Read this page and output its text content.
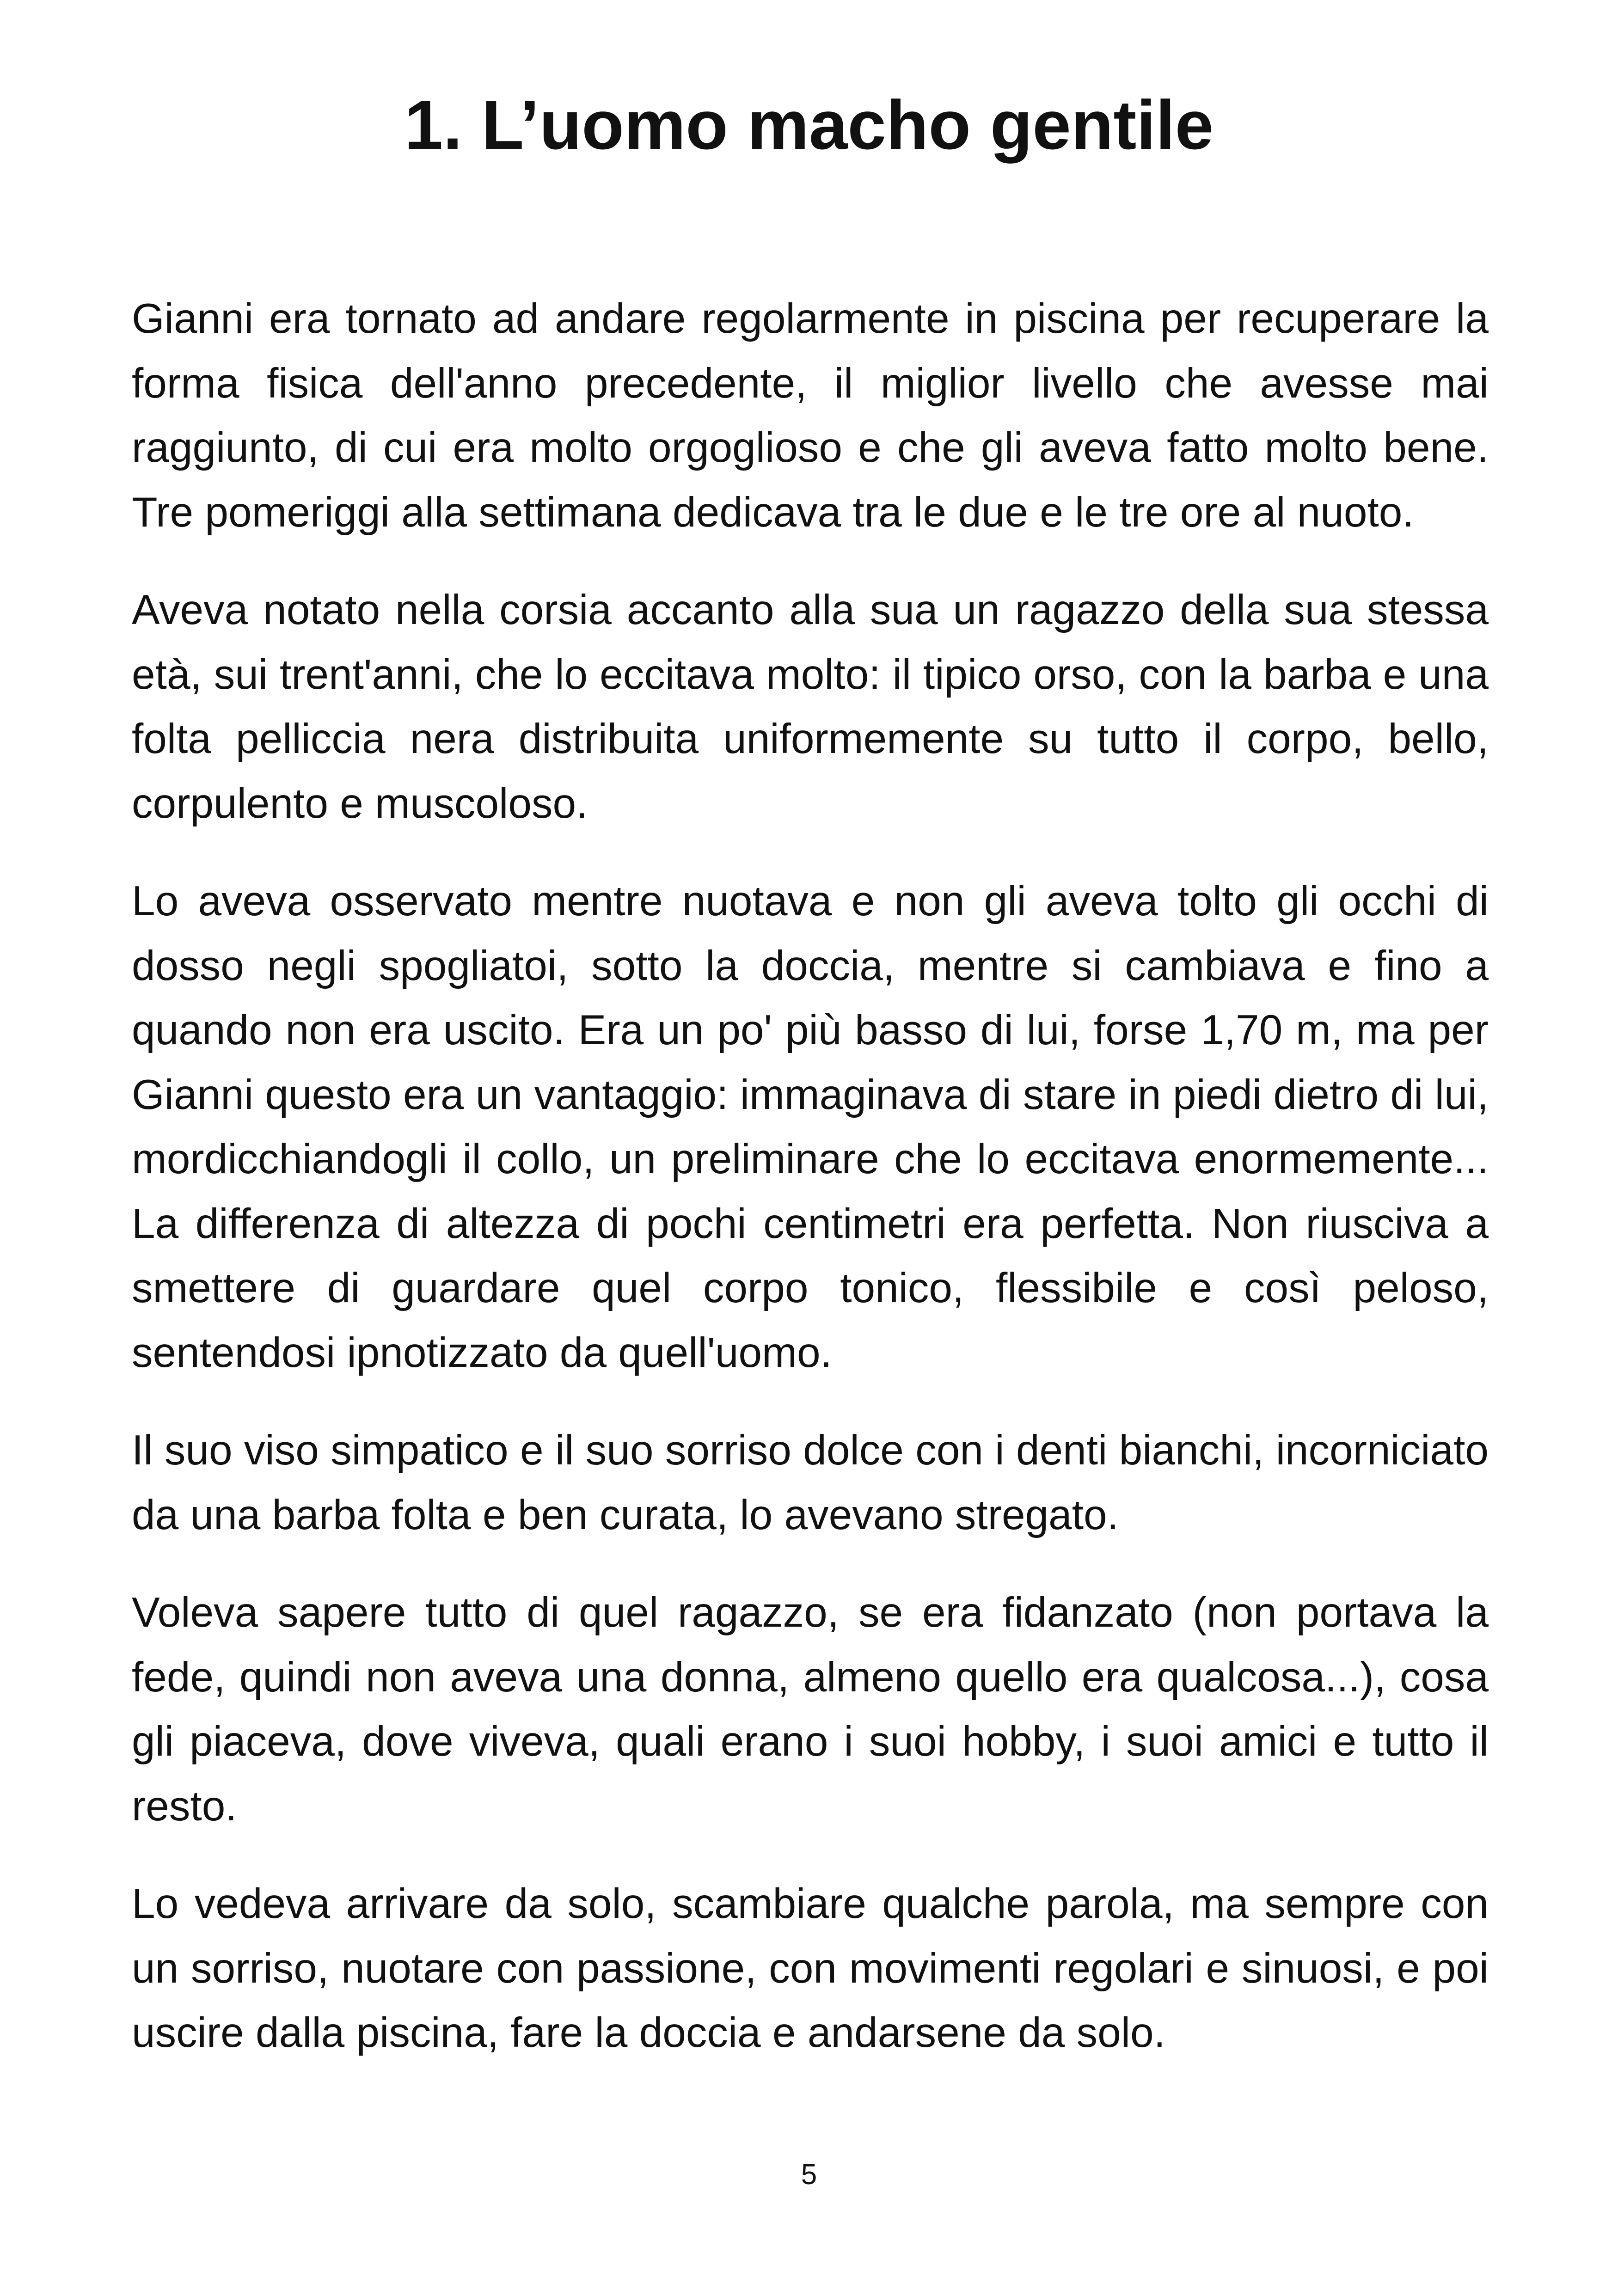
1. L’uomo macho gentile

Gianni era tornato ad andare regolarmente in piscina per recuperare la forma fisica dell'anno precedente, il miglior livello che avesse mai raggiunto, di cui era molto orgoglioso e che gli aveva fatto molto bene. Tre pomeriggi alla settimana dedicava tra le due e le tre ore al nuoto.

Aveva notato nella corsia accanto alla sua un ragazzo della sua stessa età, sui trent'anni, che lo eccitava molto: il tipico orso, con la barba e una folta pelliccia nera distribuita uniformemente su tutto il corpo, bello, corpulento e muscoloso.

Lo aveva osservato mentre nuotava e non gli aveva tolto gli occhi di dosso negli spogliatoi, sotto la doccia, mentre si cambiava e fino a quando non era uscito. Era un po' più basso di lui, forse 1,70 m, ma per Gianni questo era un vantaggio: immaginava di stare in piedi dietro di lui, mordicchiandogli il collo, un preliminare che lo eccitava enormemente... La differenza di altezza di pochi centimetri era perfetta. Non riusciva a smettere di guardare quel corpo tonico, flessibile e così peloso, sentendosi ipnotizzato da quell'uomo.

Il suo viso simpatico e il suo sorriso dolce con i denti bianchi, incorniciato da una barba folta e ben curata, lo avevano stregato.

Voleva sapere tutto di quel ragazzo, se era fidanzato (non portava la fede, quindi non aveva una donna, almeno quello era qualcosa...), cosa gli piaceva, dove viveva, quali erano i suoi hobby, i suoi amici e tutto il resto.

Lo vedeva arrivare da solo, scambiare qualche parola, ma sempre con un sorriso, nuotare con passione, con movimenti regolari e sinuosi, e poi uscire dalla piscina, fare la doccia e andarsene da solo.

5
